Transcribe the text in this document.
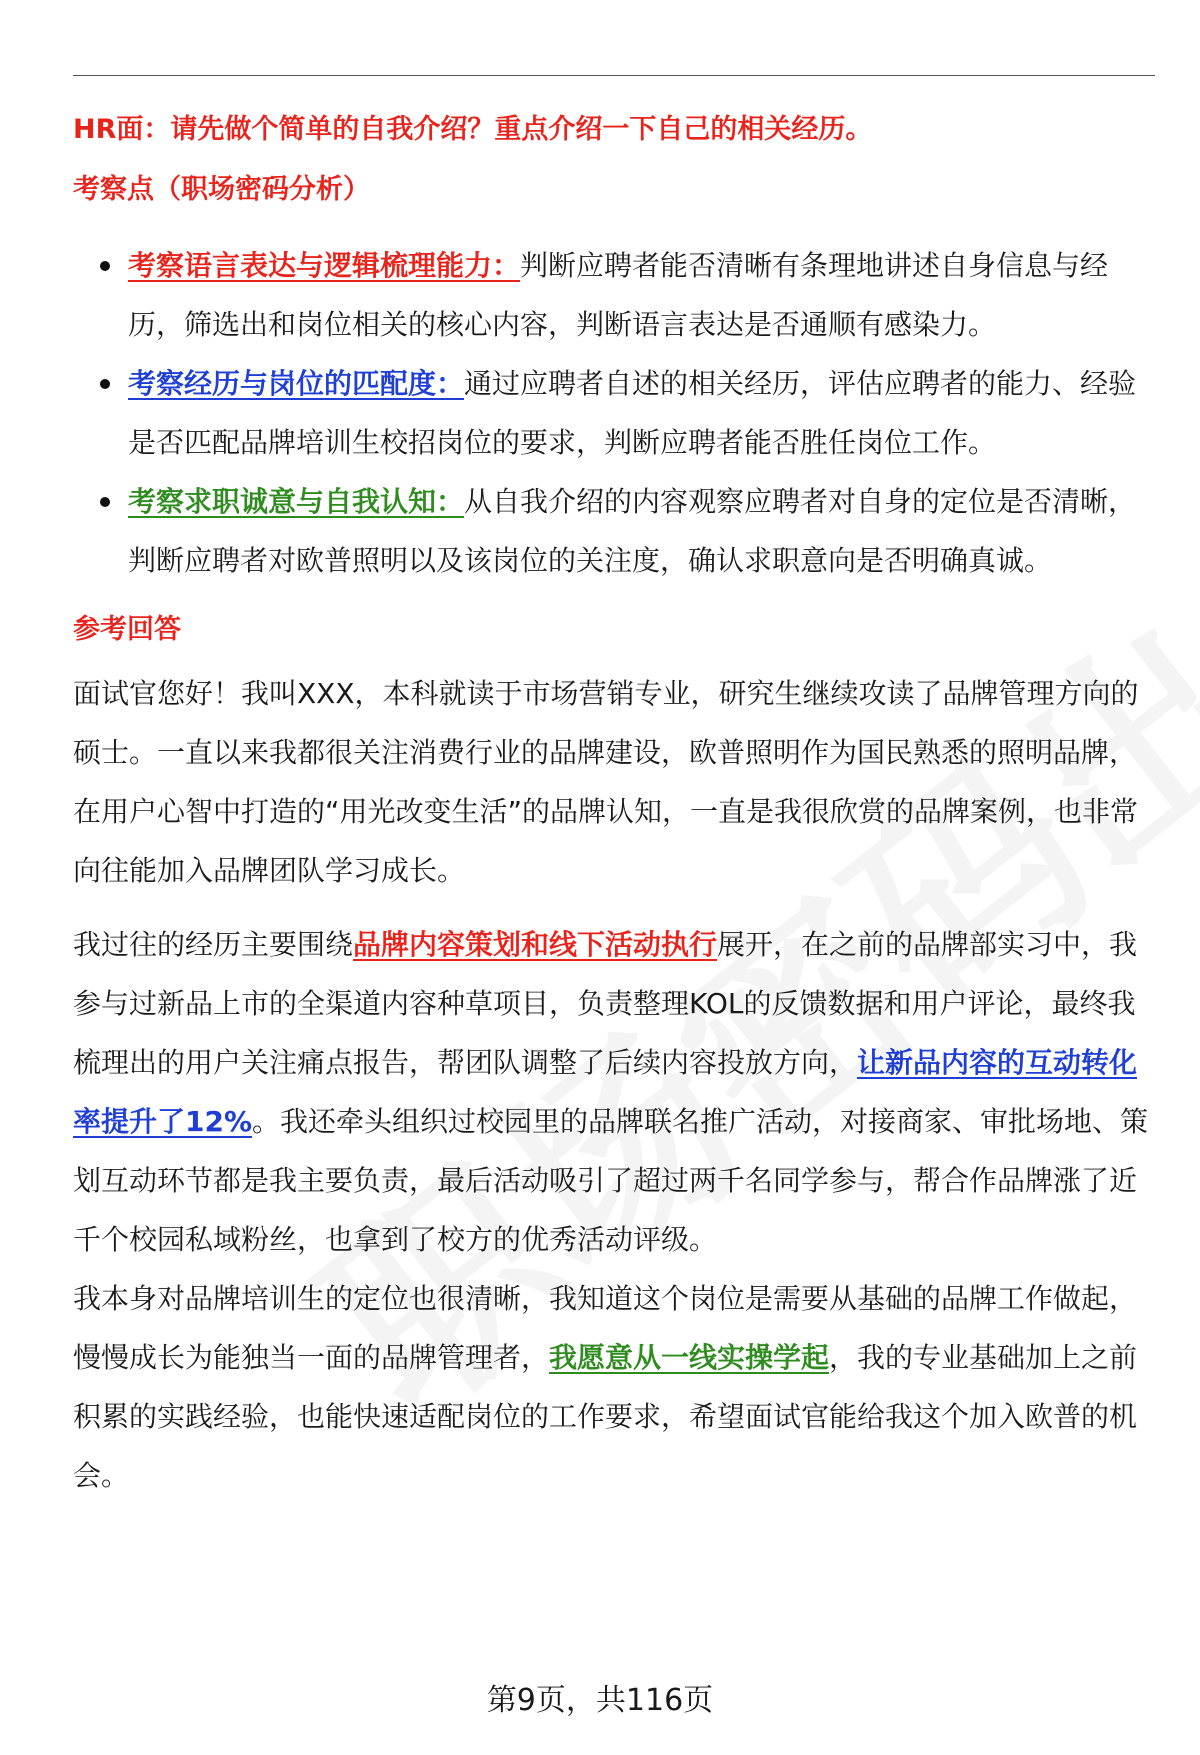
HR面：请先做个简单的自我介绍？重点介绍一下自己的相关经历。
考察点（职场密码分析）
考察语言表达与逻辑梳理能力：判断应聘者能否清晰有条理地讲述自身信息与经历，筛选出和岗位相关的核心内容，判断语言表达是否通顺有感染力。
考察经历与岗位的匹配度：通过应聘者自述的相关经历，评估应聘者的能力、经验是否匹配品牌培训生校招岗位的要求，判断应聘者能否胜任岗位工作。
考察求职诚意与自我认知：从自我介绍的内容观察应聘者对自身的定位是否清晰，判断应聘者对欧普照明以及该岗位的关注度，确认求职意向是否明确真诚。
参考回答

面试官您好！我叫XXX，本科就读于市场营销专业，研究生继续攻读了品牌管理方向的硕士。一直以来我都很关注消费行业的品牌建设，欧普照明作为国民熟悉的照明品牌，在用户心智中打造的“用光改变生活”的品牌认知，一直是我很欣赏的品牌案例，也非常向往能加入品牌团队学习成长。

我过往的经历主要围绕品牌内容策划和线下活动执行展开，在之前的品牌部实习中，我参与过新品上市的全渠道内容种草项目，负责整理KOL的反馈数据和用户评论，最终我梳理出的用户关注痛点报告，帮团队调整了后续内容投放方向，让新品内容的互动转化率提升了12%。我还牵头组织过校园里的品牌联名推广活动，对接商家、审批场地、策划互动环节都是我主要负责，最后活动吸引了超过两千名同学参与，帮合作品牌涨了近千个校园私域粉丝，也拿到了校方的优秀活动评级。

我本身对品牌培训生的定位也很清晰，我知道这个岗位是需要从基础的品牌工作做起，慢慢成长为能独当一面的品牌管理者，我愿意从一线实操学起，我的专业基础加上之前积累的实践经验，也能快速适配岗位的工作要求，希望面试官能给我这个加入欧普的机会。

第9页，共116页
